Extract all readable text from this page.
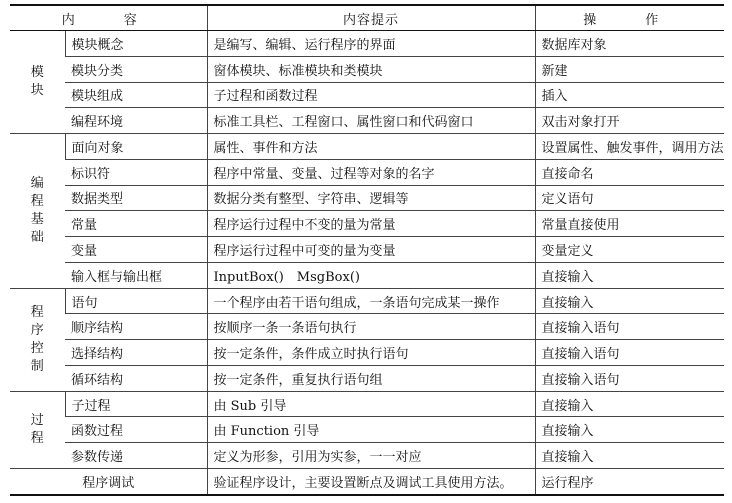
内　容		内容提示	操　作
模块	模块概念	是编写、编辑、运行程序的界面	数据库对象
	模块分类	窗体模块、标准模块和类模块	新建
	模块组成	子过程和函数过程	插入
	编程环境	标准工具栏、工程窗口、属性窗口和代码窗口	双击对象打开
编程基础	面向对象	属性、事件和方法	设置属性、触发事件，调用方法
	标识符	程序中常量、变量、过程等对象的名字	直接命名
	数据类型	数据分类有整型、字符串、逻辑等	定义语句
	常量	程序运行过程中不变的量为常量	常量直接使用
	变量	程序运行过程中可变的量为变量	变量定义
	输入框与输出框	InputBox()　MsgBox()	直接输入
程序控制	语句	一个程序由若干语句组成，一条语句完成某一操作	直接输入
	顺序结构	按顺序一条一条语句执行	直接输入语句
	选择结构	按一定条件，条件成立时执行语句	直接输入语句
	循环结构	按一定条件，重复执行语句组	直接输入语句
过程	子过程	由 Sub 引导	直接输入
	函数过程	由 Function 引导	直接输入
	参数传递	定义为形参，引用为实参，一一对应	直接输入
程序调试		验证程序设计，主要设置断点及调试工具使用方法。	运行程序
